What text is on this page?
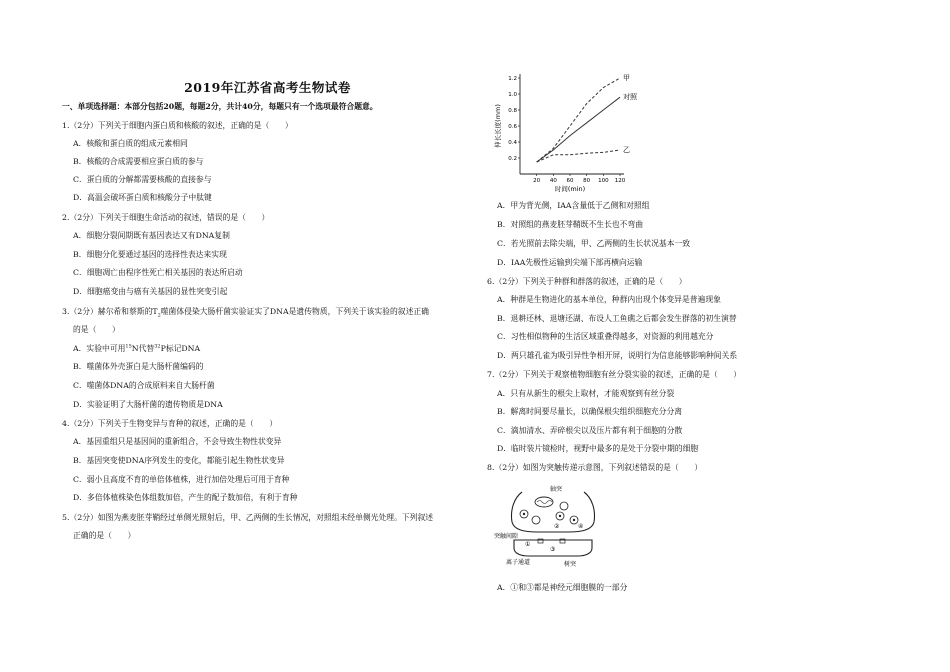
2019年江苏省高考生物试卷
一、单项选择题：本部分包括20题，每题2分，共计40分，每题只有一个选项最符合题意。
1.（2分）下列关于细胞内蛋白质和核酸的叙述，正确的是（　　）
A．核酸和蛋白质的组成元素相同
B．核酸的合成需要相应蛋白质的参与
C．蛋白质的分解都需要核酸的直接参与
D．高温会破坏蛋白质和核酸分子中肽键
2.（2分）下列关于细胞生命活动的叙述，错误的是（　　）
A．细胞分裂间期既有基因表达又有DNA复制
B．细胞分化要通过基因的选择性表达来实现
C．细胞凋亡由程序性死亡相关基因的表达所启动
D．细胞癌变由与癌有关基因的显性突变引起
3.（2分）赫尔希和蔡斯的$T_2$噬菌体侵染大肠杆菌实验证实了DNA是遗传物质，下列关于该实验的叙述正确
的是（　　）
A．实验中可用$^{15}$N代替$^{32}$P标记DNA
B．噬菌体外壳蛋白是大肠杆菌编码的
C．噬菌体DNA的合成原料来自大肠杆菌
D．实验证明了大肠杆菌的遗传物质是DNA
4.（2分）下列关于生物变异与育种的叙述，正确的是（　　）
A．基因重组只是基因间的重新组合，不会导致生物性状变异
B．基因突变使DNA序列发生的变化，都能引起生物性状变异
C．弱小且高度不育的单倍体植株，进行加倍处理后可用于育种
D．多倍体植株染色体组数加倍，产生的配子数加倍，有利于育种
5.（2分）如图为燕麦胚芽鞘经过单侧光照射后，甲、乙两侧的生长情况，对照组未经单侧光处理。下列叙述
正确的是（　　）
0.2
0.4
0.6
0.8
1.0
1.2
20 40 60 80 100 120
时间(min)
伸长长度(mm)
甲
对照
乙
A．甲为背光侧，IAA含量低于乙侧和对照组
B．对照组的燕麦胚芽鞘既不生长也不弯曲
C．若光照前去除尖端，甲、乙两侧的生长状况基本一致
D．IAA先极性运输到尖端下部再横向运输
6.（2分）下列关于种群和群落的叙述，正确的是（　　）
A．种群是生物进化的基本单位，种群内出现个体变异是普遍现象
B．退耕还林、退塘还湖、布设人工鱼礁之后都会发生群落的初生演替
C．习性相似物种的生活区域重叠得越多，对资源的利用越充分
D．两只雄孔雀为吸引异性争相开屏，说明行为信息能够影响种间关系
7.（2分）下列关于观察植物细胞有丝分裂实验的叙述，正确的是（　　）
A．只有从新生的根尖上取材，才能观察到有丝分裂
B．解离时间要尽量长，以确保根尖组织细胞充分分离
C．滴加清水、弄碎根尖以及压片都有利于细胞的分散
D．临时装片镜检时，视野中最多的是处于分裂中期的细胞
8.（2分）如图为突触传递示意图，下列叙述错误的是（　　）
轴突
突触间隙
离子通道	树突
①
②
③
④
A．①和③都是神经元细胞膜的一部分
